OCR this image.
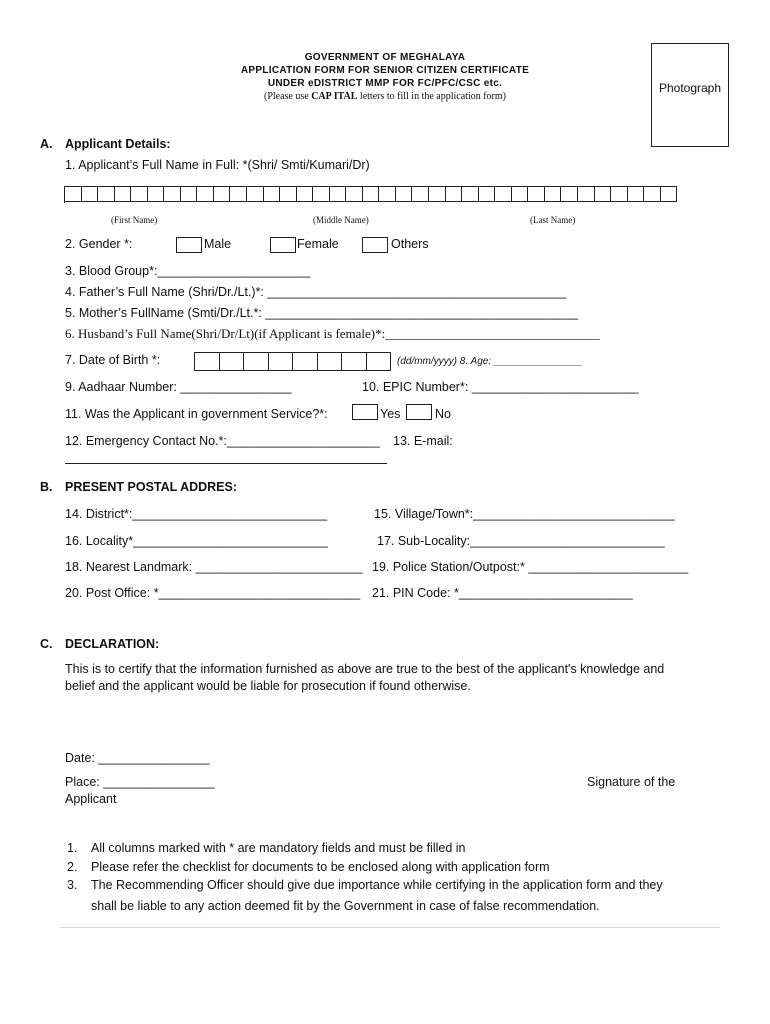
GOVERNMENT OF MEGHALAYA
APPLICATION FORM FOR SENIOR CITIZEN CERTIFICATE
UNDER eDISTRICT MMP FOR FC/PFC/CSC etc.
(Please use CAP ITAL letters to fill in the application form)
Photograph
A. Applicant Details:
1. Applicant’s Full Name in Full: *(Shri/ Smti/Kumari/Dr)
(First Name)	(Middle Name)	(Last Name)
2. Gender *:	Male	Female	Others
3. Blood Group*:______________________
4. Father’s Full Name (Shri/Dr./Lt.)*: ___________________________________________
5. Mother’s FullName (Smti/Dr./Lt.*: _____________________________________________
6. Husband’s Full Name(Shri/Dr/Lt)(if Applicant is female)*:_________________________________
7. Date of Birth *:	(dd/mm/yyyy) 8. Age: ________________
9. Aadhaar Number: ________________	10. EPIC Number*: ________________________
11. Was the Applicant in government Service?*:	Yes	No
12. Emergency Contact No.*:______________________ 13. E-mail:
B. PRESENT POSTAL ADDRES:
14. District*:____________________________	15. Village/Town*:_____________________________
16. Locality*____________________________	17. Sub-Locality:____________________________
18. Nearest Landmark: ________________________ 19. Police Station/Outpost:* _______________________
20. Post Office: *_____________________________ 21. PIN Code: *_________________________
C. DECLARATION:
This is to certify that the information furnished as above are true to the best of the applicant's knowledge and
belief and the applicant would be liable for prosecution if found otherwise.
Date: ________________
Place: ________________	Signature of the
Applicant
1. All columns marked with * are mandatory fields and must be filled in
2. Please refer the checklist for documents to be enclosed along with application form
3. The Recommending Officer should give due importance while certifying in the application form and they
shall be liable to any action deemed fit by the Government in case of false recommendation.
